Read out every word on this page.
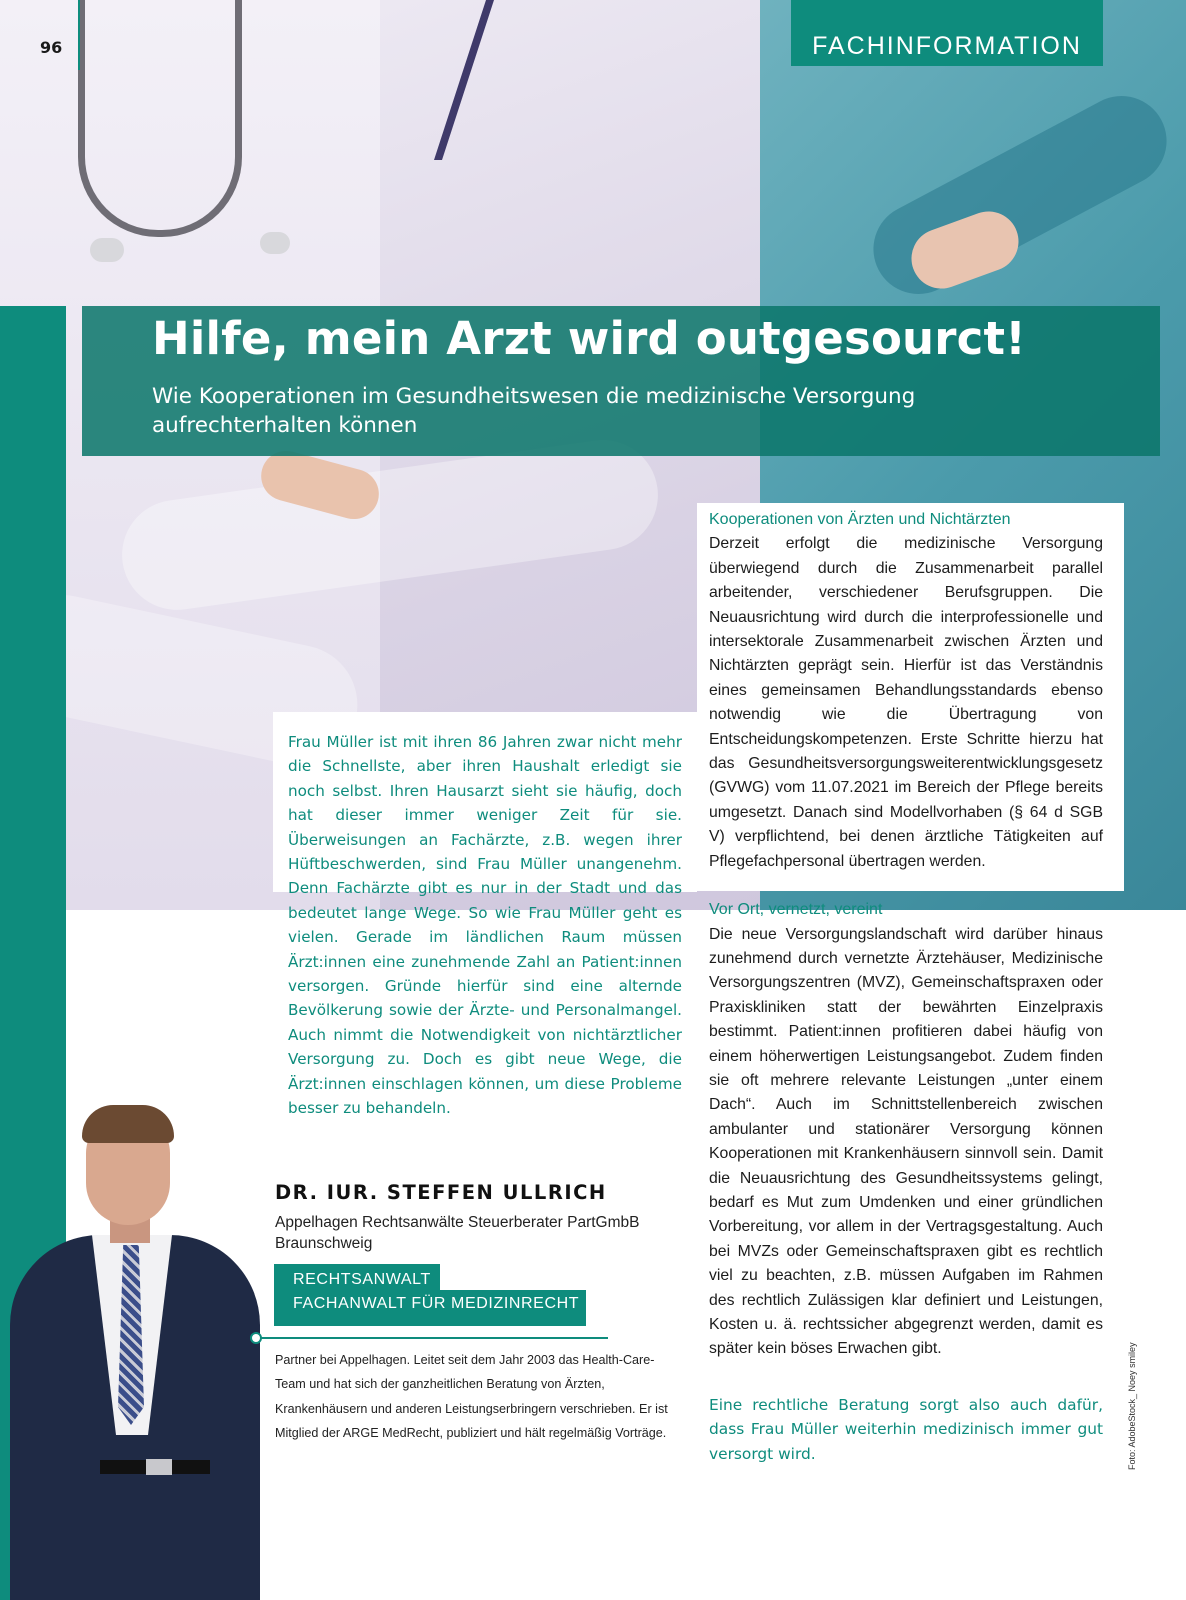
96	FACHINFORMATION
Hilfe, mein Arzt wird outgesourct!

Wie Kooperationen im Gesundheitswesen die medizinische Versorgung aufrechterhalten können

Kooperationen von Ärzten und Nichtärzten

Derzeit erfolgt die medizinische Versorgung überwiegend durch die Zusammenarbeit parallel arbeitender, verschiedener Berufsgruppen. Die Neuausrichtung wird durch die interprofessionelle und intersektorale Zusammenarbeit zwischen Ärzten und Nichtärzten geprägt sein. Hierfür ist das Verständnis eines gemeinsamen Behandlungsstandards ebenso notwendig wie die Übertragung von Entscheidungskompetenzen. Erste Schritte hierzu hat das Gesundheitsversorgungsweiterentwicklungsgesetz (GVWG) vom 11.07.2021 im Bereich der Pflege bereits umgesetzt. Danach sind Modellvorhaben (§ 64 d SGB V) verpflichtend, bei denen ärztliche Tätigkeiten auf Pflegefachpersonal übertragen werden.

Vor Ort, vernetzt, vereint

Die neue Versorgungslandschaft wird darüber hinaus zunehmend durch vernetzte Ärztehäuser, Medizinische Versorgungszentren (MVZ), Gemeinschaftspraxen oder Praxiskliniken statt der bewährten Einzelpraxis bestimmt. Patient:innen profitieren dabei häufig von einem höherwertigen Leistungsangebot. Zudem finden sie oft mehrere relevante Leistungen „unter einem Dach“. Auch im Schnittstellenbereich zwischen ambulanter und stationärer Versorgung können Kooperationen mit Krankenhäusern sinnvoll sein. Damit die Neuausrichtung des Gesundheitssystems gelingt, bedarf es Mut zum Umdenken und einer gründlichen Vorbereitung, vor allem in der Vertragsgestaltung. Auch bei MVZs oder Gemeinschaftspraxen gibt es rechtlich viel zu beachten, z.B. müssen Aufgaben im Rahmen des rechtlich Zulässigen klar definiert und Leistungen, Kosten u. ä. rechtssicher abgegrenzt werden, damit es später kein böses Erwachen gibt.

Eine rechtliche Beratung sorgt also auch dafür, dass Frau Müller weiterhin medizinisch immer gut versorgt wird.

Frau Müller ist mit ihren 86 Jahren zwar nicht mehr die Schnellste, aber ihren Haushalt erledigt sie noch selbst. Ihren Hausarzt sieht sie häufig, doch hat dieser immer weniger Zeit für sie. Überweisungen an Fachärzte, z.B. wegen ihrer Hüftbeschwerden, sind Frau Müller unangenehm. Denn Fachärzte gibt es nur in der Stadt und das bedeutet lange Wege. So wie Frau Müller geht es vielen. Gerade im ländlichen Raum müssen Ärzt:innen eine zunehmende Zahl an Patient:innen versorgen. Gründe hierfür sind eine alternde Bevölkerung sowie der Ärzte- und Personalmangel. Auch nimmt die Notwendigkeit von nichtärztlicher Versorgung zu. Doch es gibt neue Wege, die Ärzt:innen einschlagen können, um diese Probleme besser zu behandeln.

DR. IUR. STEFFEN ULLRICH
Appelhagen Rechtsanwälte Steuerberater PartGmbB
Braunschweig
RECHTSANWALT
FACHANWALT FÜR MEDIZINRECHT

Partner bei Appelhagen. Leitet seit dem Jahr 2003 das Health-Care-Team und hat sich der ganzheitlichen Beratung von Ärzten, Krankenhäusern und anderen Leistungserbringern verschrieben. Er ist Mitglied der ARGE MedRecht, publiziert und hält regelmäßig Vorträge.	Foto: AdobeStock_ Noey smiley
